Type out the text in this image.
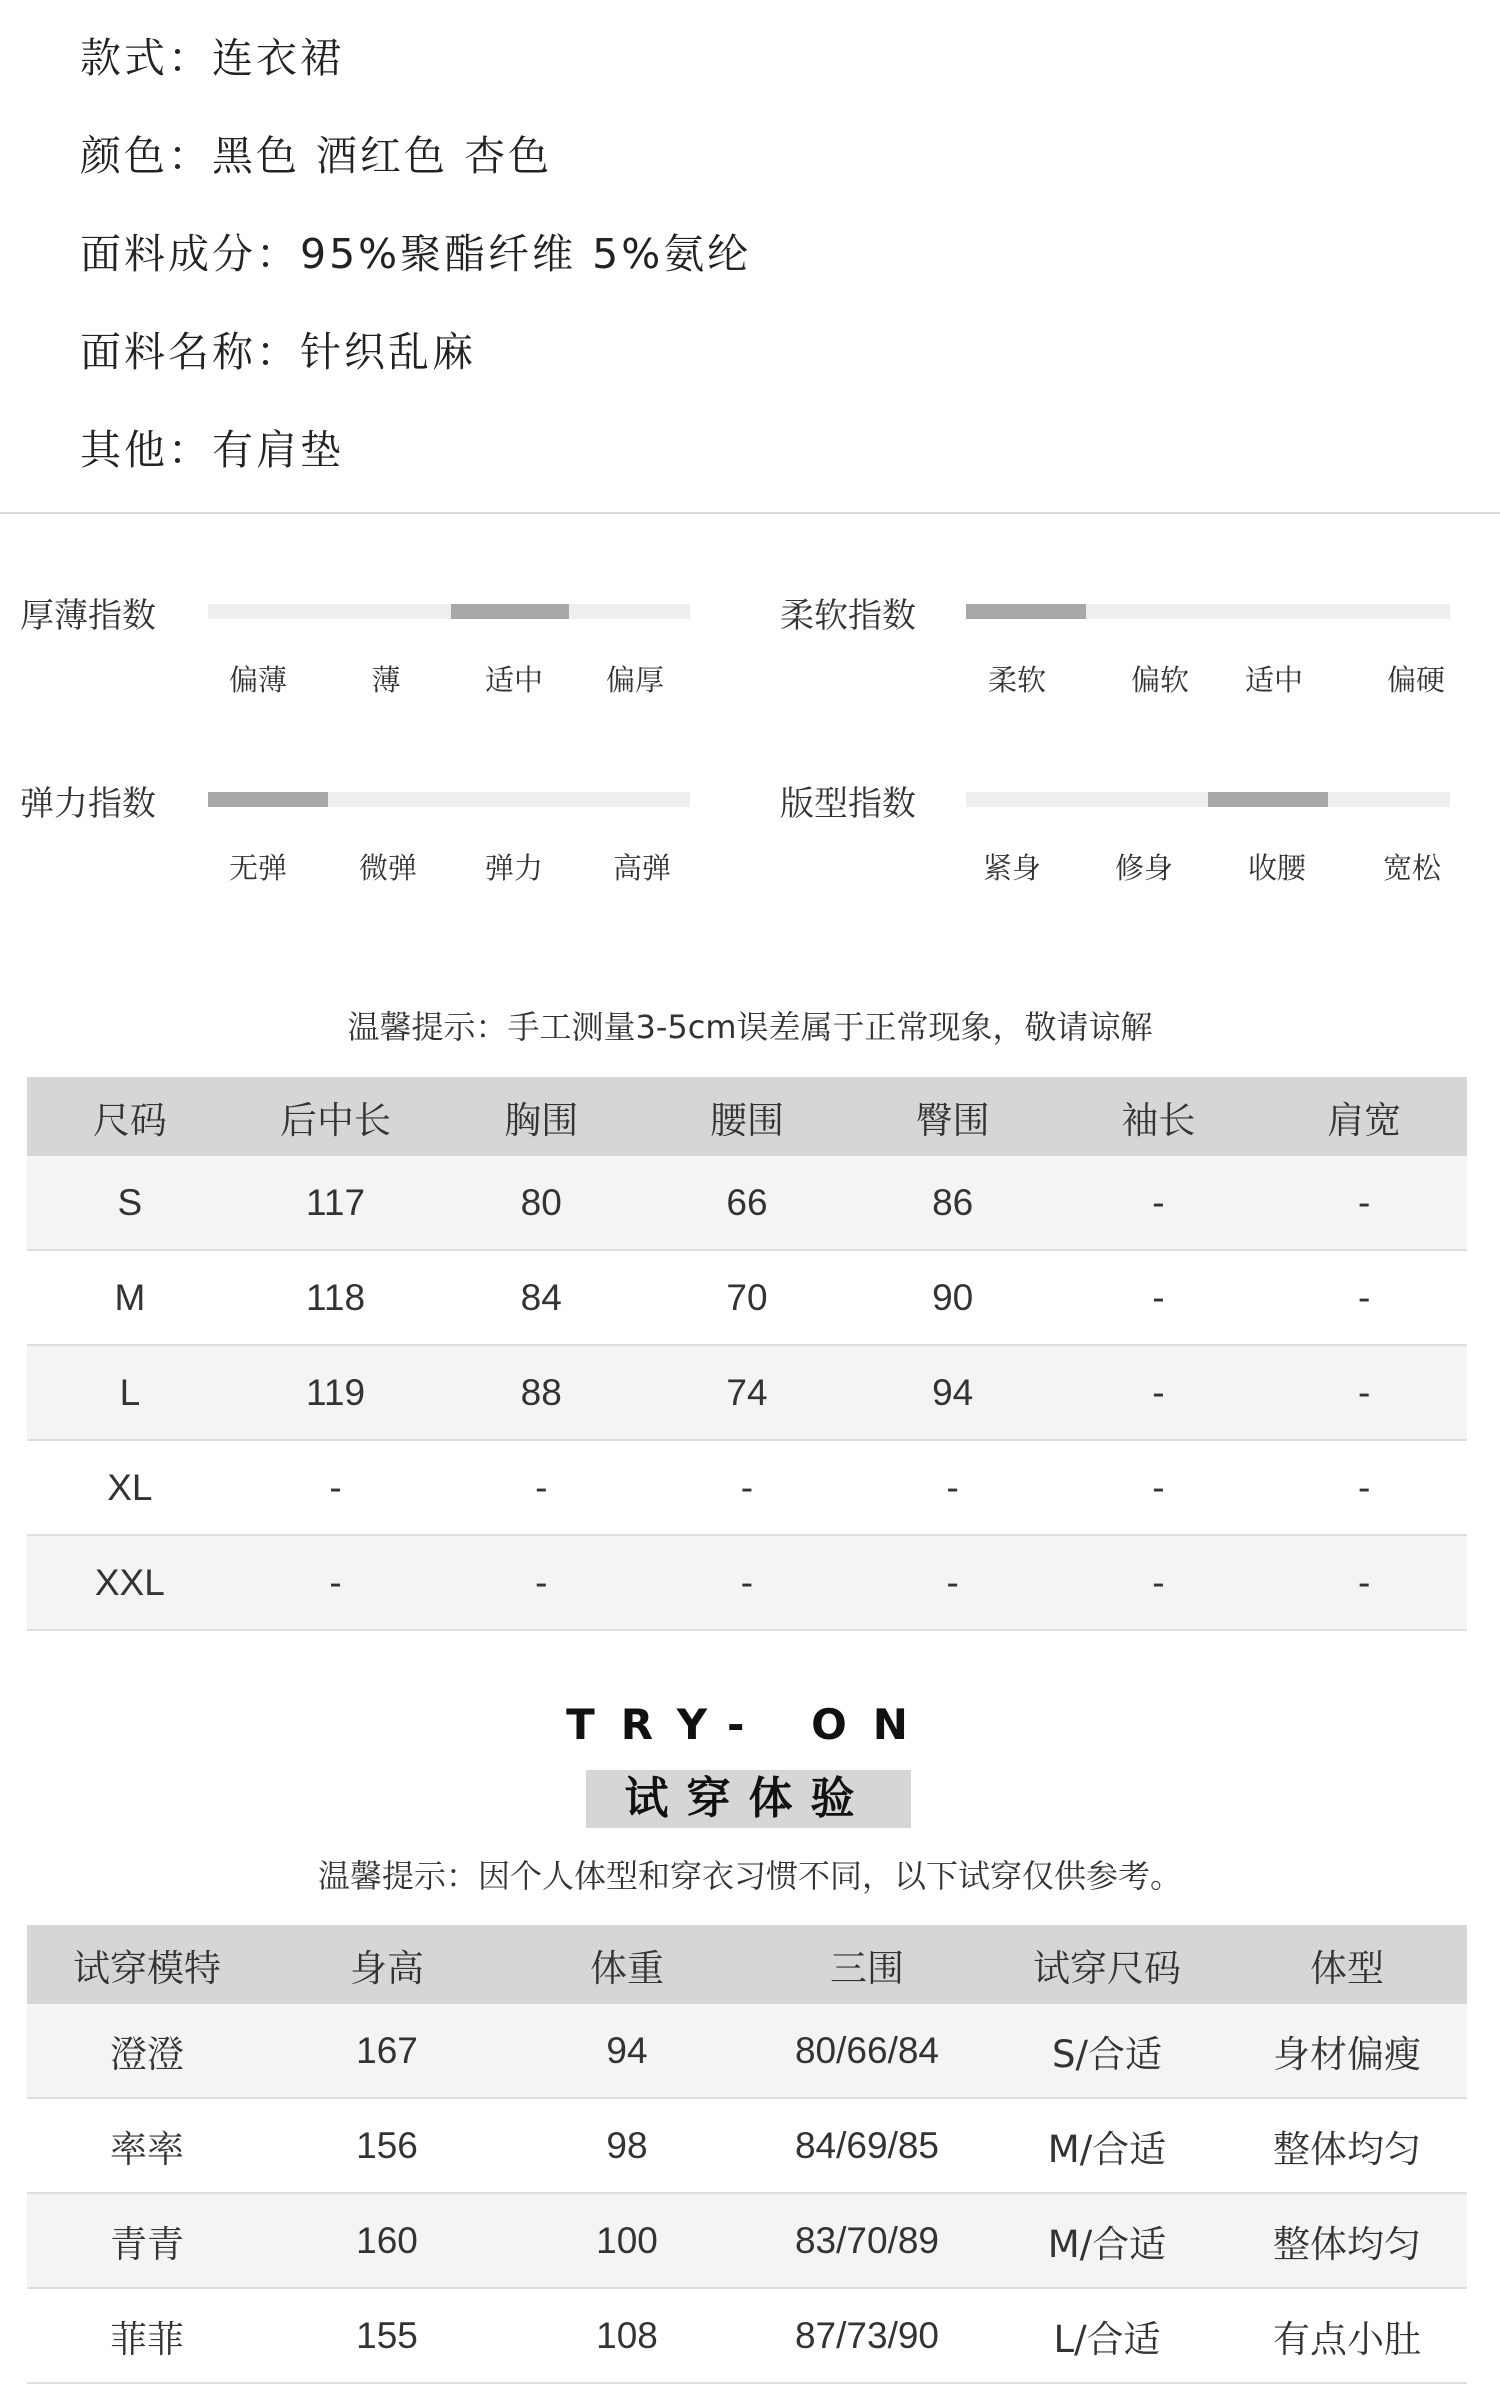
款式：连衣裙
颜色：黑色 酒红色 杏色
面料成分：95%聚酯纤维 5%氨纶
面料名称：针织乱麻
其他：有肩垫
厚薄指数
偏薄	薄	适中	偏厚
柔软指数
柔软	偏软	适中	偏硬
弹力指数
无弹	微弹	弹力	高弹
版型指数
紧身	修身	收腰	宽松
温馨提示：手工测量3-5cm误差属于正常现象，敬请谅解
尺码	后中长	胸围	腰围	臀围	袖长	肩宽
S	117	80	66	86	-	-
M	118	84	70	90	-	-
L	119	88	74	94	-	-
XL	-	-	-	-	-	-
XXL	-	-	-	-	-	-
TRY- ON
试穿体验
温馨提示：因个人体型和穿衣习惯不同，以下试穿仅供参考。
试穿模特	身高	体重	三围	试穿尺码	体型
澄澄	167	94	80/66/84	S/合适	身材偏瘦
率率	156	98	84/69/85	M/合适	整体均匀
青青	160	100	83/70/89	M/合适	整体均匀
菲菲	155	108	87/73/90	L/合适	有点小肚
